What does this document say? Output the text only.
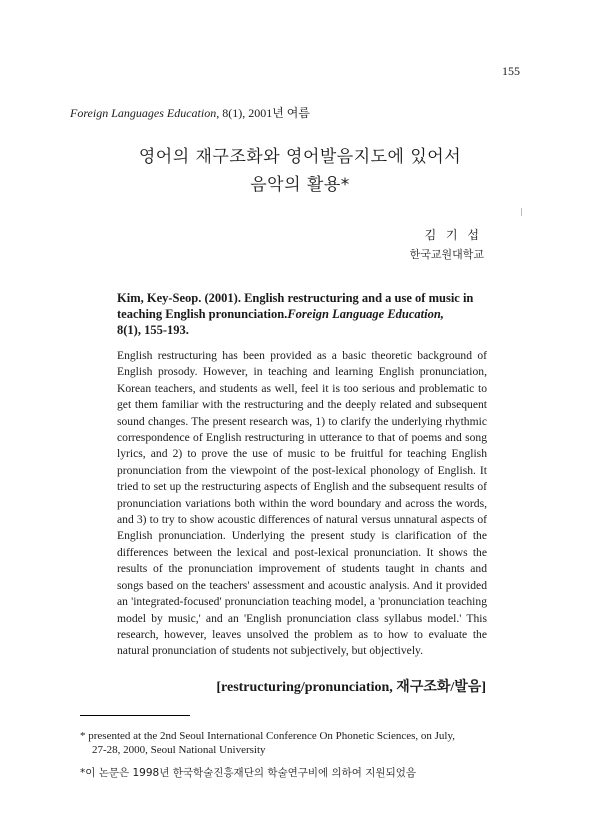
155
Foreign Languages Education, 8(1), 2001년 여름
영어의 재구조화와 영어발음지도에 있어서
음악의 활용*
김 기 섭
한국교원대학교
Kim, Key-Seop. (2001). English restructuring and a use of music in teaching English pronunciation.Foreign Language Education,
8(1), 155-193.
English restructuring has been provided as a basic theoretic background of English prosody. However, in teaching and learning English pronunciation, Korean teachers, and students as well, feel it is too serious and problematic to get them familiar with the restructuring and the deeply related and subsequent sound changes. The present research was, 1) to clarify the underlying rhythmic correspondence of English restructuring in utterance to that of poems and song lyrics, and 2) to prove the use of music to be fruitful for teaching English pronunciation from the viewpoint of the post-lexical phonology of English. It tried to set up the restructuring aspects of English and the subsequent results of pronunciation variations both within the word boundary and across the words, and 3) to try to show acoustic differences of natural versus unnatural aspects of English pronunciation. Underlying the present study is clarification of the differences between the lexical and post-lexical pronunciation. It shows the results of the pronunciation improvement of students taught in chants and songs based on the teachers' assessment and acoustic analysis. And it provided an 'integrated-focused' pronunciation teaching model, a 'pronunciation teaching model by music,' and an 'English pronunciation class syllabus model.' This research, however, leaves unsolved the problem as to how to evaluate the natural pronunciation of students not subjectively, but objectively.
[restructuring/pronunciation, 재구조화/발음]
* presented at the 2nd Seoul International Conference On Phonetic Sciences, on July,
27-28, 2000, Seoul National University
*이 논문은 1998년 한국학술진흥재단의 학술연구비에 의하여 지원되었음
